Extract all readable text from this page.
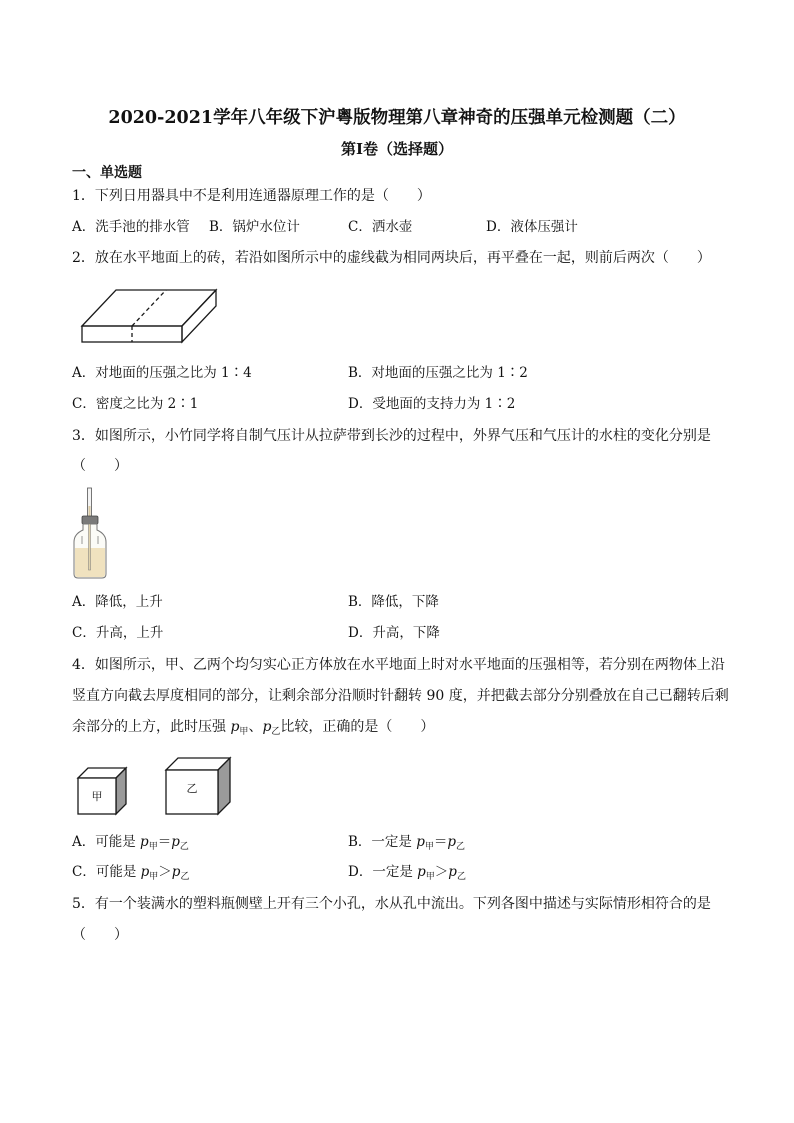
2020-2021学年八年级下沪粤版物理第八章神奇的压强单元检测题（二）
第Ⅰ卷（选择题）
一、单选题
1．下列日用器具中不是利用连通器原理工作的是（　　）
A．洗手池的排水管 B．锅炉水位计	C．洒水壶	D．液体压强计
2．放在水平地面上的砖，若沿如图所示中的虚线截为相同两块后，再平叠在一起，则前后两次（　　）
A．对地面的压强之比为 1∶4	B．对地面的压强之比为 1∶2
C．密度之比为 2∶1	D．受地面的支持力为 1∶2
3．如图所示，小竹同学将自制气压计从拉萨带到长沙的过程中，外界气压和气压计的水柱的变化分别是
（　　）
A．降低，上升	B．降低，下降
C．升高，上升	D．升高，下降
4．如图所示，甲、乙两个均匀实心正方体放在水平地面上时对水平地面的压强相等，若分别在两物体上沿
竖直方向截去厚度相同的部分，让剩余部分沿顺时针翻转 90 度，并把截去部分分别叠放在自己已翻转后剩
余部分的上方，此时压强 $p_甲$、$p_乙$比较，正确的是（　　）
甲
乙
A．可能是 $p_甲=p_乙$	B．一定是 $p_甲=p_乙$
C．可能是 $p_甲>p_乙$	D．一定是 $p_甲>p_乙$
5．有一个装满水的塑料瓶侧壁上开有三个小孔，水从孔中流出。下列各图中描述与实际情形相符合的是
（　　）
